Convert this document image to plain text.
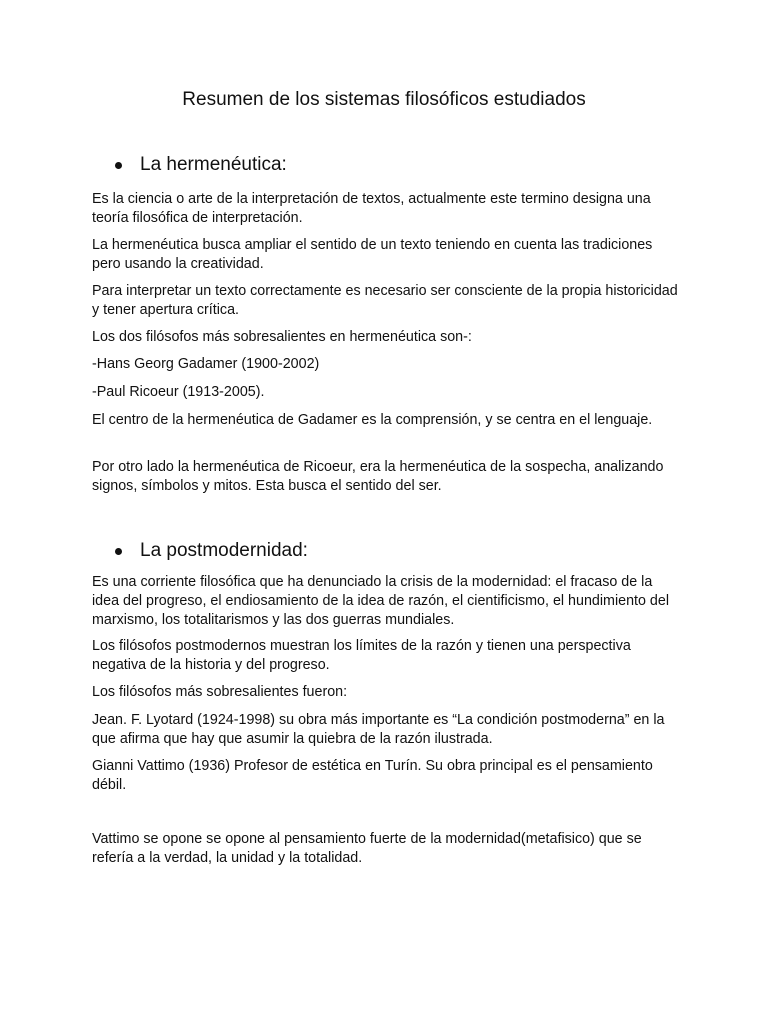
Resumen de los sistemas filosóficos estudiados
La hermenéutica:

Es la ciencia o arte de la interpretación de textos, actualmente este termino designa una teoría filosófica de interpretación.

La hermenéutica busca ampliar el sentido de un texto teniendo en cuenta las tradiciones pero usando la creatividad.

Para interpretar un texto correctamente es necesario ser consciente de la propia historicidad y tener apertura crítica.

Los dos filósofos más sobresalientes en hermenéutica son-:

-Hans Georg Gadamer (1900-2002)

-Paul Ricoeur (1913-2005).

El centro de la hermenéutica de Gadamer es la comprensión, y se centra en el lenguaje.

Por otro lado la hermenéutica de Ricoeur, era la hermenéutica de la sospecha, analizando signos, símbolos y mitos. Esta busca el sentido del ser.

La postmodernidad:

Es una corriente filosófica que ha denunciado la crisis de la modernidad: el fracaso de la idea del progreso, el endiosamiento de la idea de razón, el cientificismo, el hundimiento del marxismo, los totalitarismos y las dos guerras mundiales.

Los filósofos postmodernos muestran los límites de la razón y tienen una perspectiva negativa de la historia y del progreso.

Los filósofos más sobresalientes fueron:

Jean. F. Lyotard (1924-1998) su obra más importante es “La condición postmoderna” en la que afirma que hay que asumir la quiebra de la razón ilustrada.

Gianni Vattimo (1936) Profesor de estética en Turín. Su obra principal es el pensamiento débil.

Vattimo se opone se opone al pensamiento fuerte de la modernidad(metafisico) que se refería a la verdad, la unidad y la totalidad.
